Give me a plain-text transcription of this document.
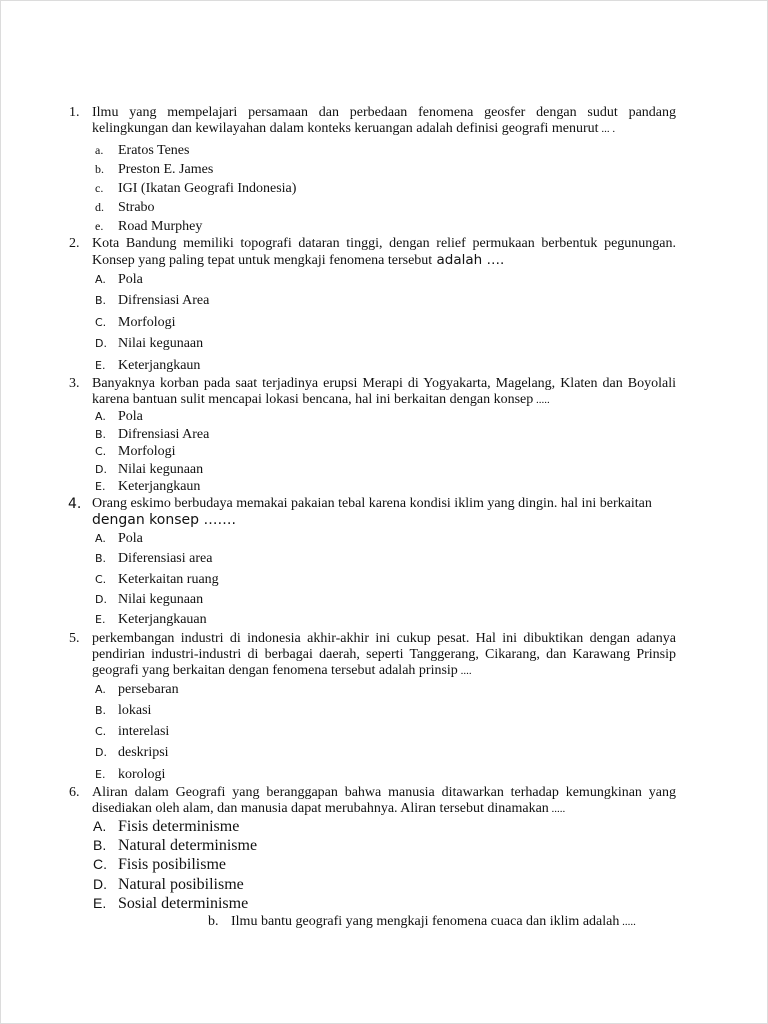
1. Ilmu yang mempelajari persamaan dan perbedaan fenomena geosfer dengan sudut pandang kelingkungan dan kewilayahan dalam konteks keruangan adalah definisi geografi menurut ... .
a. Eratos Tenes
b. Preston E. James
c. IGI (Ikatan Geografi Indonesia)
d. Strabo
e. Road Murphey
2. Kota Bandung memiliki topografi dataran tinggi, dengan relief permukaan berbentuk pegunungan. Konsep yang paling tepat untuk mengkaji fenomena tersebut adalah ….
A. Pola
B. Difrensiasi Area
C. Morfologi
D. Nilai kegunaan
E. Keterjangkaun
3. Banyaknya korban pada saat terjadinya erupsi Merapi di Yogyakarta, Magelang, Klaten dan Boyolali karena bantuan sulit mencapai lokasi bencana, hal ini berkaitan dengan konsep .....
A. Pola
B. Difrensiasi Area
C. Morfologi
D. Nilai kegunaan
E. Keterjangkaun
4. Orang eskimo berbudaya memakai pakaian tebal karena kondisi iklim yang dingin. hal ini berkaitan
dengan konsep …….
A. Pola
B. Diferensiasi area
C. Keterkaitan ruang
D. Nilai kegunaan
E. Keterjangkauan
5. perkembangan industri di indonesia akhir-akhir ini cukup pesat. Hal ini dibuktikan dengan adanya pendirian industri-industri di berbagai daerah, seperti Tanggerang, Cikarang, dan Karawang Prinsip geografi yang berkaitan dengan fenomena tersebut adalah prinsip ....
A. persebaran
B. lokasi
C. interelasi
D. deskripsi
E. korologi
6. Aliran dalam Geografi yang beranggapan bahwa manusia ditawarkan terhadap kemungkinan yang disediakan oleh alam, dan manusia dapat merubahnya. Aliran tersebut dinamakan .....
A. Fisis determinisme
B. Natural determinisme
C. Fisis posibilisme
D. Natural posibilisme
E. Sosial determinisme
b. Ilmu bantu geografi yang mengkaji fenomena cuaca dan iklim adalah .....
